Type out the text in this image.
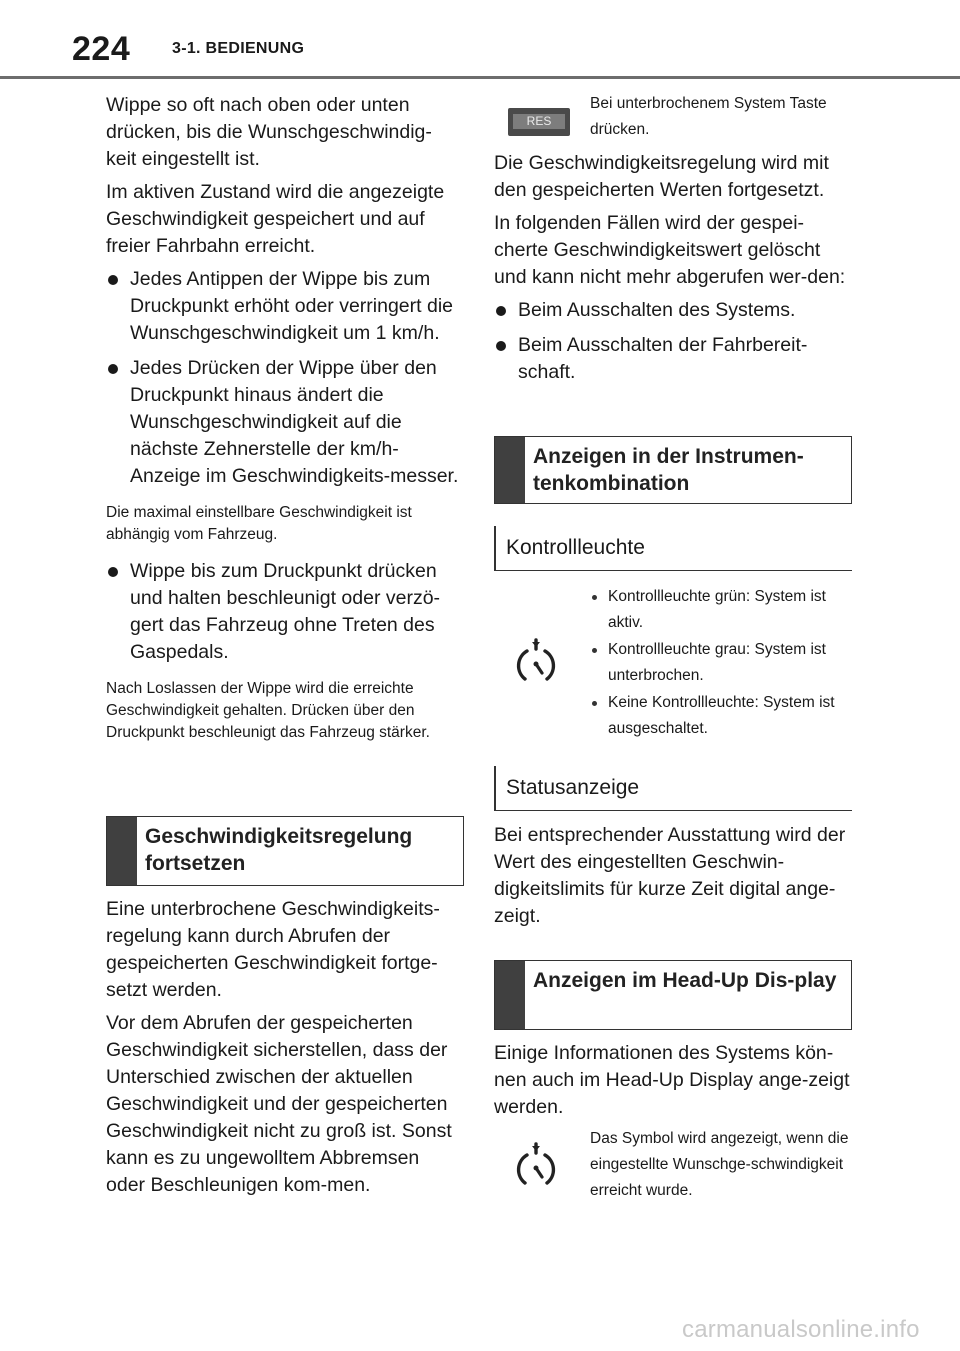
224	3-1. BEDIENUNG

Wippe so oft nach oben oder unten drücken, bis die Wunschgeschwindig-keit eingestellt ist.

Im aktiven Zustand wird die angezeigte Geschwindigkeit gespeichert und auf freier Fahrbahn erreicht.

Jedes Antippen der Wippe bis zum Druckpunkt erhöht oder verringert die Wunschgeschwindigkeit um 1 km/h.
Jedes Drücken der Wippe über den Druckpunkt hinaus ändert die Wunschgeschwindigkeit auf die nächste Zehnerstelle der km/h-Anzeige im Geschwindigkeits-messer.

Die maximal einstellbare Geschwindigkeit ist abhängig vom Fahrzeug.

Wippe bis zum Druckpunkt drücken und halten beschleunigt oder verzö-gert das Fahrzeug ohne Treten des Gaspedals.

Nach Loslassen der Wippe wird die erreichte Geschwindigkeit gehalten. Drücken über den Druckpunkt beschleunigt das Fahrzeug stärker.

Geschwindigkeitsregelung fortsetzen

Eine unterbrochene Geschwindigkeits-regelung kann durch Abrufen der gespeicherten Geschwindigkeit fortge-setzt werden.

Vor dem Abrufen der gespeicherten Geschwindigkeit sicherstellen, dass der Unterschied zwischen der aktuellen Geschwindigkeit und der gespeicherten Geschwindigkeit nicht zu groß ist. Sonst kann es zu ungewolltem Abbremsen oder Beschleunigen kom-men.

RES
Bei unterbrochenem System Taste drücken.

Die Geschwindigkeitsregelung wird mit den gespeicherten Werten fortgesetzt.

In folgenden Fällen wird der gespei-cherte Geschwindigkeitswert gelöscht und kann nicht mehr abgerufen wer-den:

Beim Ausschalten des Systems.
Beim Ausschalten der Fahrbereit-schaft.
Anzeigen in der Instrumen-tenkombination
Kontrollleuchte
Kontrollleuchte grün: System ist aktiv.
Kontrollleuchte grau: System ist unterbrochen.
Keine Kontrollleuchte: System ist ausgeschaltet.
Statusanzeige

Bei entsprechender Ausstattung wird der Wert des eingestellten Geschwin-digkeitslimits für kurze Zeit digital ange-zeigt.

Anzeigen im Head-Up Dis-play

Einige Informationen des Systems kön-nen auch im Head-Up Display ange-zeigt werden.

Das Symbol wird angezeigt, wenn die eingestellte Wunschge-schwindigkeit erreicht wurde.
carmanualsonline.info
